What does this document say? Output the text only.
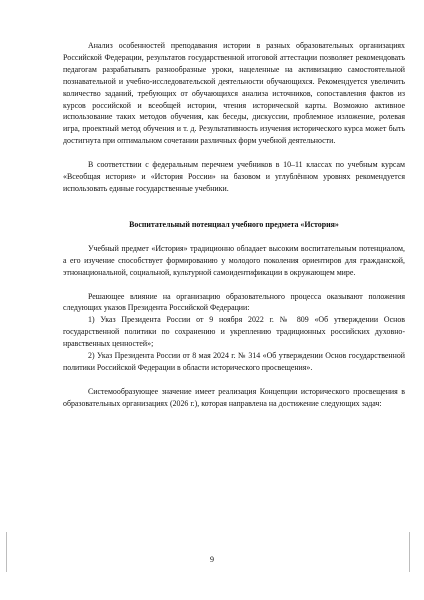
Анализ особенностей преподавания истории в разных образовательных организациях Российской Федерации, результатов государственной итоговой аттестации позволяет рекомендовать педагогам разрабатывать разнообразные уроки, нацеленные на активизацию самостоятельной познавательной и учебно-исследовательской деятельности обучающихся. Рекомендуется увеличить количество заданий, требующих от обучающихся анализа источников, сопоставления фактов из курсов российской и всеобщей истории, чтения исторической карты. Возможно активное использование таких методов обучения, как беседы, дискуссии, проблемное изложение, ролевая игра, проектный метод обучения и т. д. Результативность изучения исторического курса может быть достигнута при оптимальном сочетании различных форм учебной деятельности.

В соответствии с федеральным перечнем учебников в 10–11 классах по учебным курсам «Всеобщая история» и «История России» на базовом и углублённом уровнях рекомендуется использовать единые государственные учебники.

Воспитательный потенциал учебного предмета «История»

Учебный предмет «История» традиционно обладает высоким воспитательным потенциалом, а его изучение способствует формированию у молодого поколения ориентиров для гражданской, этнонациональной, социальной, культурной самоидентификации в окружающем мире.

Решающее влияние на организацию образовательного процесса оказывают положения следующих указов Президента Российской Федерации:

1) Указ Президента России от 9 ноября 2022 г. № 809 «Об утверждении Основ государственной политики по сохранению и укреплению традиционных российских духовно-нравственных ценностей»;

2) Указ Президента России от 8 мая 2024 г. № 314 «Об утверждении Основ государственной политики Российской Федерации в области исторического просвещения».

Системообразующее значение имеет реализация Концепции исторического просвещения в образовательных организациях (2026 г.), которая направлена на достижение следующих задач:

9
